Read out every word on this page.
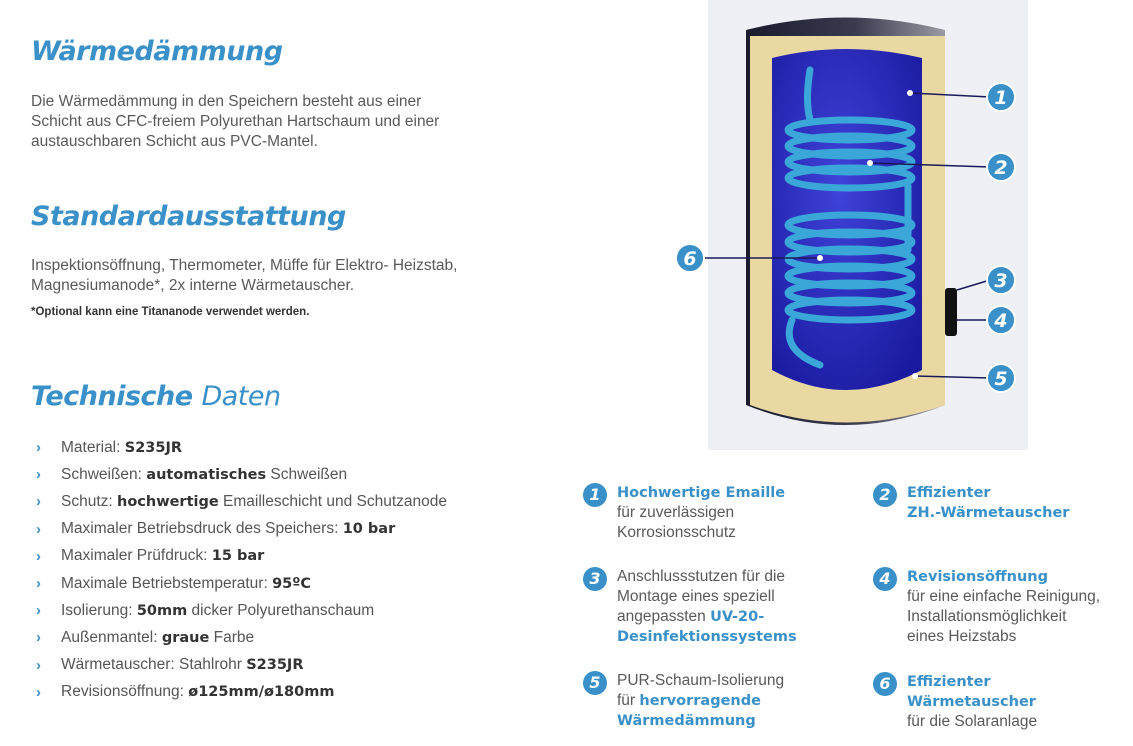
Wärmedämmung
Die Wärmedämmung in den Speichern besteht aus einer
Schicht aus CFC-freiem Polyurethan Hartschaum und einer
austauschbaren Schicht aus PVC-Mantel.
Standardausstattung
Inspektionsöffnung, Thermometer, Müffe für Elektro- Heizstab,
Magnesiumanode*, 2x interne Wärmetauscher.
*Optional kann eine Titananode verwendet werden.
Technische Daten
›	Material: S235JR
›	Schweißen: automatisches Schweißen
›	Schutz: hochwertige Emailleschicht und Schutzanode
›	Maximaler Betriebsdruck des Speichers: 10 bar
›	Maximaler Prüfdruck: 15 bar
›	Maximale Betriebstemperatur: 95ºC
›	Isolierung: 50mm dicker Polyurethanschaum
›	Außenmantel: graue Farbe
›	Wärmetauscher: Stahlrohr S235JR
›	Revisionsöffnung: ø125mm/ø180mm
1
2
3
4
5
6
1	Hochwertige Emaille
für zuverlässigen
Korrosionsschutz
2	Effizienter
ZH.-Wärmetauscher
3	Anschlussstutzen für die
Montage eines speziell
angepassten UV-20-
Desinfektionssystems
4	Revisionsöffnung
für eine einfache Reinigung,
Installationsmöglichkeit
eines Heizstabs
5	PUR-Schaum-Isolierung
für hervorragende
Wärmedämmung
6	Effizienter
Wärmetauscher
für die Solaranlage
